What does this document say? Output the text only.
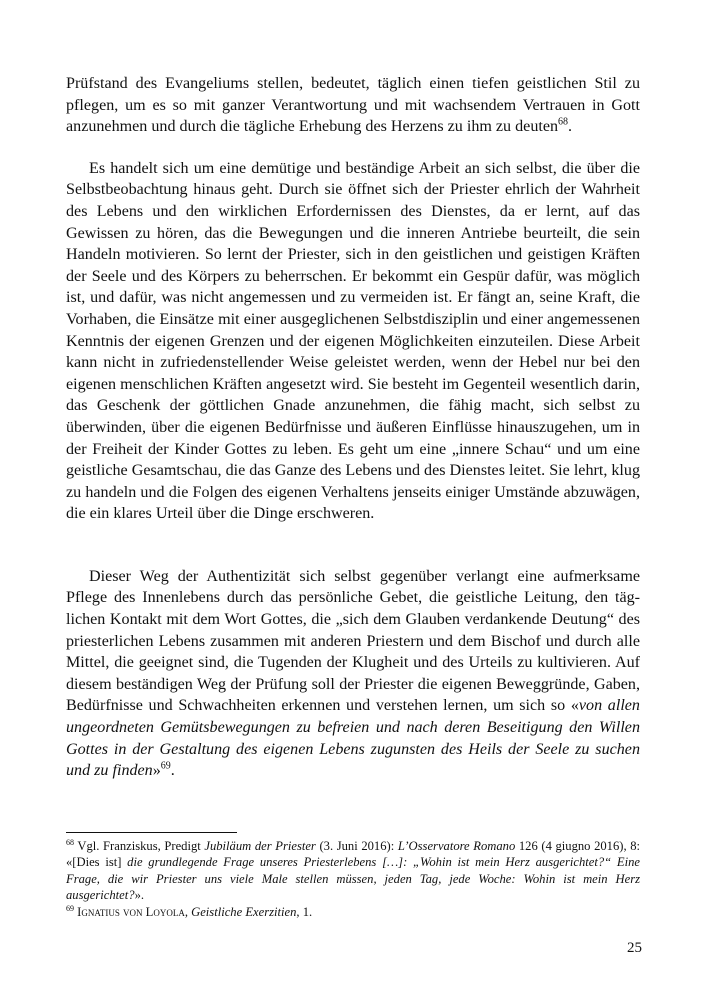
Prüfstand des Evangeliums stellen, bedeutet, täglich einen tiefen geistlichen Stil zu pflegen, um es so mit ganzer Verantwortung und mit wachsendem Vertrauen in Gott anzunehmen und durch die tägliche Erhebung des Herzens zu ihm zu deuten$^{68}$.

Es handelt sich um eine demütige und beständige Arbeit an sich selbst, die über die Selbstbeobachtung hinaus geht. Durch sie öffnet sich der Priester ehrlich der Wahrheit des Lebens und den wirklichen Erfordernissen des Dienstes, da er lernt, auf das Gewissen zu hören, das die Bewegungen und die inneren Antriebe beurteilt, die sein Handeln motivieren. So lernt der Priester, sich in den geistlichen und geistigen Kräften der Seele und des Körpers zu beherrschen. Er bekommt ein Gespür dafür, was möglich ist, und dafür, was nicht angemessen und zu vermeiden ist. Er fängt an, seine Kraft, die Vorhaben, die Einsätze mit einer ausgeglichenen Selbstdisziplin und einer angemessenen Kenntnis der eigenen Grenzen und der eigenen Möglichkeiten einzuteilen. Diese Arbeit kann nicht in zufriedenstellender Weise geleistet werden, wenn der Hebel nur bei den eigenen menschlichen Kräften angesetzt wird. Sie besteht im Gegenteil wesentlich darin, das Geschenk der göttlichen Gnade anzunehmen, die fähig macht, sich selbst zu überwinden, über die eigenen Bedürfnisse und äußeren Einflüsse hinauszugehen, um in der Freiheit der Kinder Gottes zu leben. Es geht um eine „innere Schau“ und um eine geistliche Gesamtschau, die das Ganze des Lebens und des Dienstes leitet. Sie lehrt, klug zu handeln und die Folgen des eigenen Verhaltens jenseits einiger Umstände abzuwägen, die ein klares Urteil über die Dinge erschweren.

Dieser Weg der Authentizität sich selbst gegenüber verlangt eine aufmerksame Pflege des Innenlebens durch das persönliche Gebet, die geistliche Leitung, den täglichen Kontakt mit dem Wort Gottes, die „sich dem Glauben verdankende Deutung“ des priesterlichen Lebens zusammen mit anderen Priestern und dem Bischof und durch alle Mittel, die geeignet sind, die Tugenden der Klugheit und des Urteils zu kultivieren. Auf diesem beständigen Weg der Prüfung soll der Priester die eigenen Beweggründe, Gaben, Bedürfnisse und Schwachheiten erkennen und verstehen lernen, um sich so «von allen ungeordneten Gemütsbewegungen zu befreien und nach deren Beseitigung den Willen Gottes in der Gestaltung des eigenen Lebens zugunsten des Heils der Seele zu suchen und zu finden»$^{69}$.

$^{68}$ Vgl. Franziskus, Predigt Jubiläum der Priester (3. Juni 2016): L’Osservatore Romano 126 (4 giugno 2016), 8: «[Dies ist] die grundlegende Frage unseres Priesterlebens […]: „Wohin ist mein Herz ausgerichtet?“ Eine Frage, die wir Priester uns viele Male stellen müssen, jeden Tag, jede Woche: Wohin ist mein Herz ausgerichtet?».

$^{69}$ Ignatius von Loyola, Geistliche Exerzitien, 1.

25
